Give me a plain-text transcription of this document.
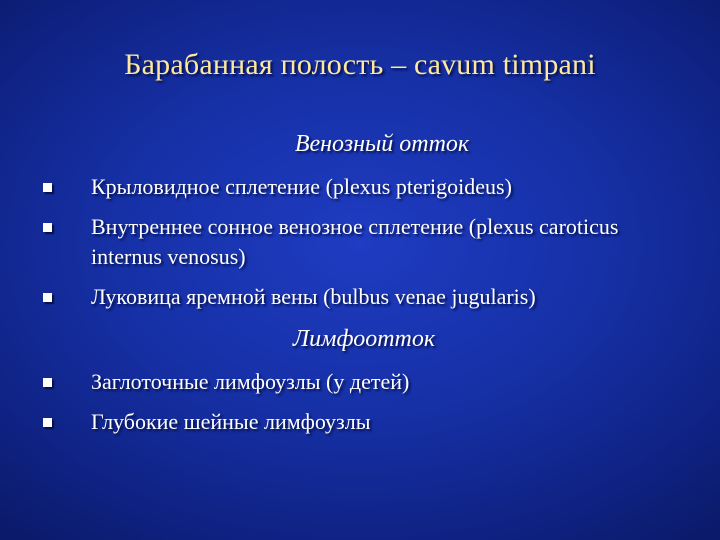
Барабанная полость – cavum timpani
Венозный отток
Крыловидное сплетение (plexus pterigoideus)
Внутреннее сонное венозное сплетение (plexus caroticus internus venosus)
Луковица яремной вены (bulbus venae jugularis)
Лимфоотток
Заглоточные лимфоузлы (у детей)
Глубокие шейные лимфоузлы
